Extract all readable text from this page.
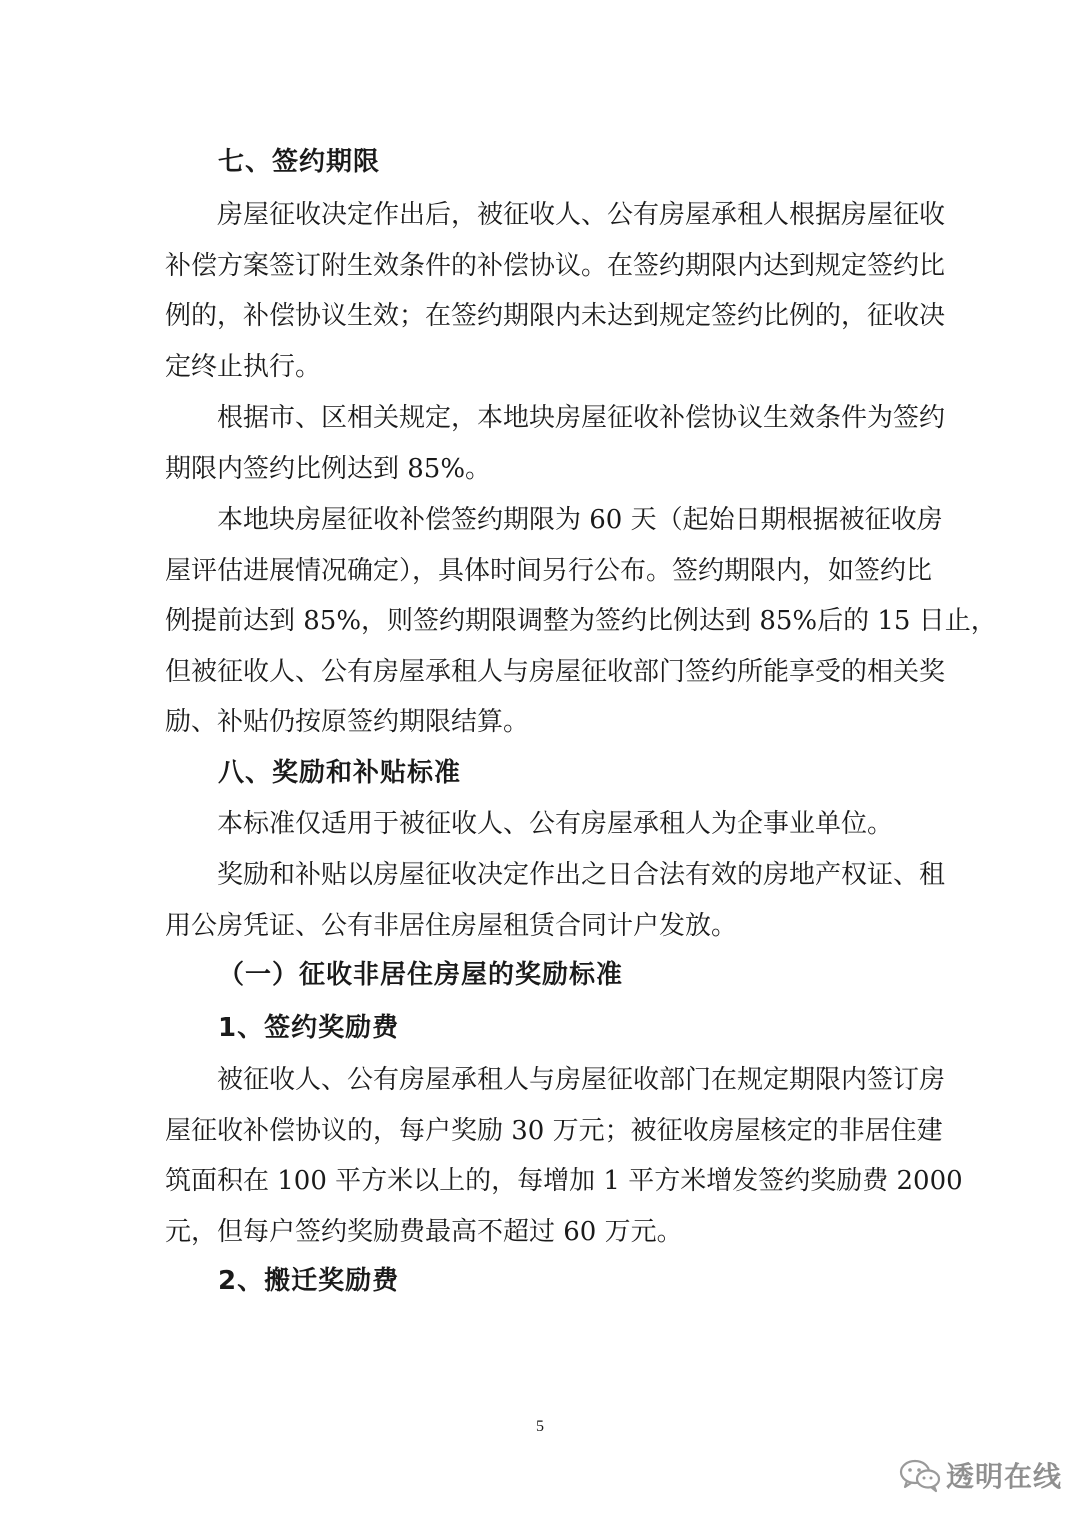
七、签约期限
房屋征收决定作出后，被征收人、公有房屋承租人根据房屋征收
补偿方案签订附生效条件的补偿协议。在签约期限内达到规定签约比
例的，补偿协议生效；在签约期限内未达到规定签约比例的，征收决
定终止执行。
根据市、区相关规定，本地块房屋征收补偿协议生效条件为签约
期限内签约比例达到 85%。
本地块房屋征收补偿签约期限为 60 天（起始日期根据被征收房
屋评估进展情况确定），具体时间另行公布。签约期限内，如签约比
例提前达到 85%，则签约期限调整为签约比例达到 85%后的 15 日止，
但被征收人、公有房屋承租人与房屋征收部门签约所能享受的相关奖
励、补贴仍按原签约期限结算。
八、奖励和补贴标准
本标准仅适用于被征收人、公有房屋承租人为企事业单位。
奖励和补贴以房屋征收决定作出之日合法有效的房地产权证、租
用公房凭证、公有非居住房屋租赁合同计户发放。
（一）征收非居住房屋的奖励标准
1、签约奖励费
被征收人、公有房屋承租人与房屋征收部门在规定期限内签订房
屋征收补偿协议的，每户奖励 30 万元；被征收房屋核定的非居住建
筑面积在 100 平方米以上的，每增加 1 平方米增发签约奖励费 2000
元，但每户签约奖励费最高不超过 60 万元。
2、搬迁奖励费
5
透明在线
